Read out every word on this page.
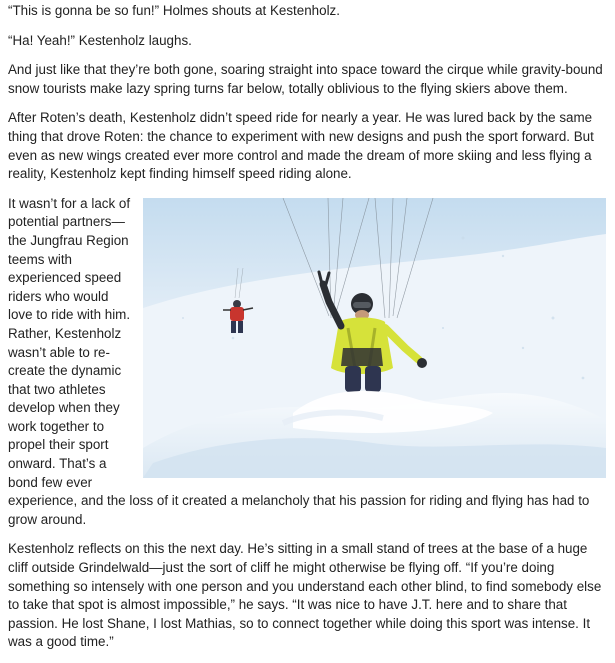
“This is gonna be so fun!” Holmes shouts at Kestenholz.

“Ha! Yeah!” Kestenholz laughs.

And just like that they’re both gone, soaring straight into space toward the cirque while gravity-bound snow tourists make lazy spring turns far below, totally oblivious to the flying skiers above them.

After Roten’s death, Kestenholz didn’t speed ride for nearly a year. He was lured back by the same thing that drove Roten: the chance to experiment with new designs and push the sport forward. But even as new wings created ever more control and made the dream of more skiing and less flying a reality, Kestenholz kept finding himself speed riding alone.

It wasn’t for a lack of potential partners—the Jungfrau Region teems with experienced speed riders who would love to ride with him. Rather, Kestenholz wasn’t able to re-create the dynamic that two athletes develop when they work together to propel their sport onward. That’s a bond few ever experience, and the loss of it created a melancholy that his passion for riding and flying has had to grow around.

Kestenholz reflects on this the next day. He’s sitting in a small stand of trees at the base of a huge cliff outside Grindelwald—just the sort of cliff he might otherwise be flying off. “If you’re doing something so intensely with one person and you understand each other blind, to find somebody else to take that spot is almost impossible,” he says. “It was nice to have J.T. here and to share that passion. He lost Shane, I lost Mathias, so to connect together while doing this sport was intense. It was a good time.”
